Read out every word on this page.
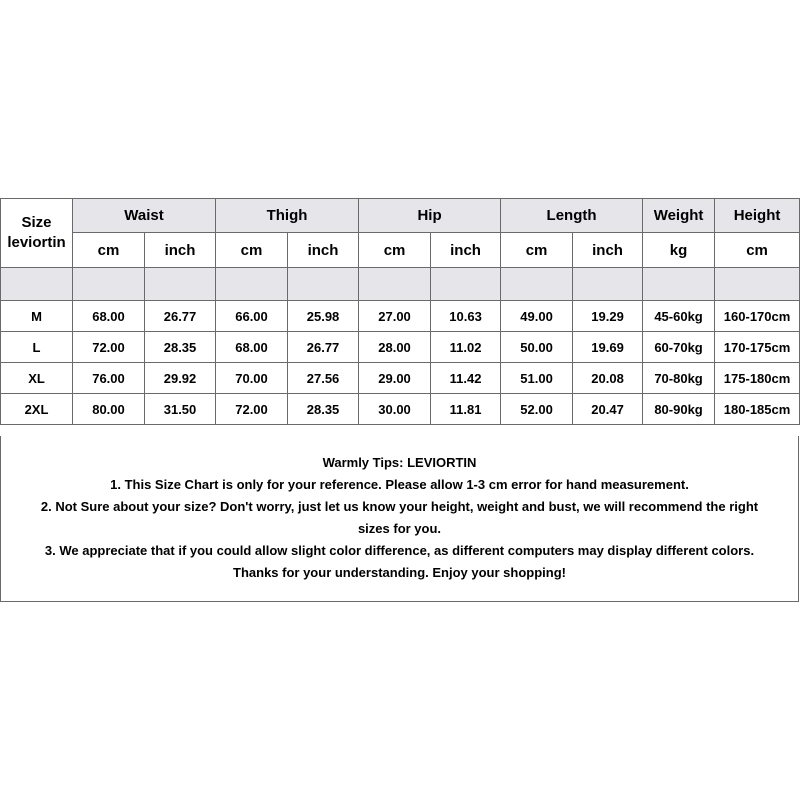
Size
leviortin	Waist		Thigh		Hip		Length		Weight	Height
	cm	inch	cm	inch	cm	inch	cm	inch	kg	cm

M	68.00	26.77	66.00	25.98	27.00	10.63	49.00	19.29	45-60kg	160-170cm
L	72.00	28.35	68.00	26.77	28.00	11.02	50.00	19.69	60-70kg	170-175cm
XL	76.00	29.92	70.00	27.56	29.00	11.42	51.00	20.08	70-80kg	175-180cm
2XL	80.00	31.50	72.00	28.35	30.00	11.81	52.00	20.47	80-90kg	180-185cm
Warmly Tips: LEVIORTIN
1. This Size Chart is only for your reference. Please allow 1-3 cm error for hand measurement.
2. Not Sure about your size? Don't worry, just let us know your height, weight and bust, we will recommend the right
sizes for you.
3. We appreciate that if you could allow slight color difference, as different computers may display different colors.
Thanks for your understanding. Enjoy your shopping!
